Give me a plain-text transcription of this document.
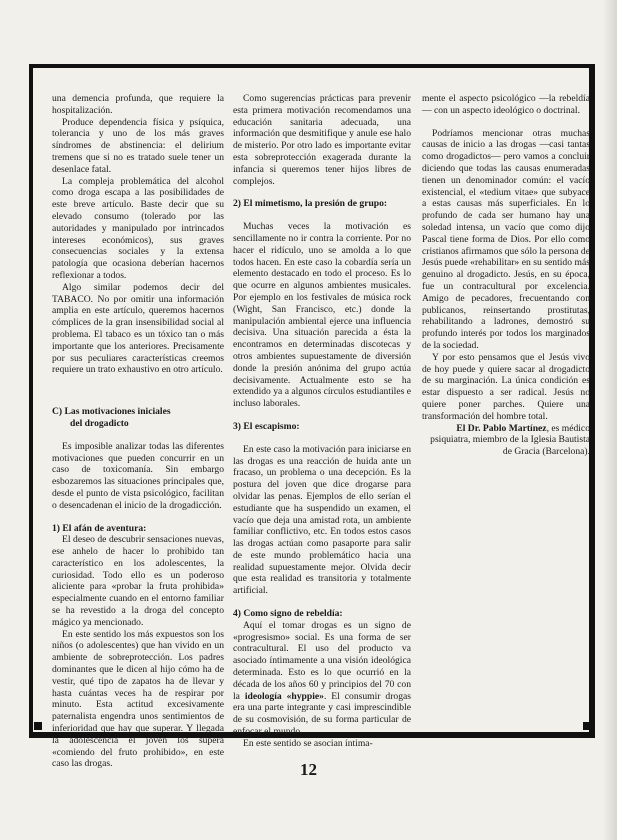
una demencia profunda, que requiere la hospitalización.

Produce dependencia física y psíquica, tolerancia y uno de los más graves síndromes de abstinencia: el delirium tremens que si no es tratado suele tener un desenlace fatal.

La compleja problemática del alcohol como droga escapa a las posibilidades de este breve artículo. Baste decir que su elevado consumo (tolerado por las autoridades y manipulado por intrincados intereses económicos), sus graves consecuencias sociales y la extensa patología que ocasiona deberían hacernos reflexionar a todos.

Algo similar podemos decir del TABACO. No por omitir una información amplia en este artículo, queremos hacernos cómplices de la gran insensibilidad social al problema. El tabaco es un tóxico tan o más importante que los anteriores. Precisamente por sus peculiares características creemos requiere un trato exhaustivo en otro artículo.

C) Las motivaciones iniciales
del drogadicto

Es imposible analizar todas las diferentes motivaciones que pueden concurrir en un caso de toxicomanía. Sin embargo esbozaremos las situaciones principales que, desde el punto de vista psicológico, facilitan o desencadenan el inicio de la drogadicción.

1) El afán de aventura:

El deseo de descubrir sensaciones nuevas, ese anhelo de hacer lo prohibido tan característico en los adolescentes, la curiosidad. Todo ello es un poderoso aliciente para «probar la fruta prohibida» especialmente cuando en el entorno familiar se ha revestido a la droga del concepto mágico ya mencionado.

En este sentido los más expuestos son los niños (o adolescentes) que han vivido en un ambiente de sobreprotección. Los padres dominantes que le dicen al hijo cómo ha de vestir, qué tipo de zapatos ha de llevar y hasta cuántas veces ha de respirar por minuto. Esta actitud excesivamente paternalista engendra unos sentimientos de inferioridad que hay que superar. Y llegada la adolescencia el joven los supera «comiendo del fruto prohibido», en este caso las drogas.

Como sugerencias prácticas para prevenir esta primera motivación recomendamos una educación sanitaria adecuada, una información que desmitifique y anule ese halo de misterio. Por otro lado es importante evitar esta sobreprotección exagerada durante la infancia si queremos tener hijos libres de complejos.

2) El mimetismo, la presión de grupo:

Muchas veces la motivación es sencillamente no ir contra la corriente. Por no hacer el ridículo, uno se amolda a lo que todos hacen. En este caso la cobardía sería un elemento destacado en todo el proceso. Es lo que ocurre en algunos ambientes musicales. Por ejemplo en los festivales de música rock (Wight, San Francisco, etc.) donde la manipulación ambiental ejerce una influencia decisiva. Una situación parecida a ésta la encontramos en determinadas discotecas y otros ambientes supuestamente de diversión donde la presión anónima del grupo actúa decisivamente. Actualmente esto se ha extendido ya a algunos círculos estudiantiles e incluso laborales.

3) El escapismo:

En este caso la motivación para iniciarse en las drogas es una reacción de huida ante un fracaso, un problema o una decepción. Es la postura del joven que dice drogarse para olvidar las penas. Ejemplos de ello serían el estudiante que ha suspendido un examen, el vacío que deja una amistad rota, un ambiente familiar conflictivo, etc. En todos estos casos las drogas actúan como pasaporte para salir de este mundo problemático hacia una realidad supuestamente mejor. Olvida decir que esta realidad es transitoria y totalmente artificial.

4) Como signo de rebeldía:

Aquí el tomar drogas es un signo de «progresismo» social. Es una forma de ser contracultural. El uso del producto va asociado íntimamente a una visión ideológica determinada. Esto es lo que ocurrió en la década de los años 60 y principios del 70 con la ideología «hyppie». El consumir drogas era una parte integrante y casi imprescindible de su cosmovisión, de su forma particular de enfocar el mundo.

En este sentido se asocian íntima-

mente el aspecto psicológico —la rebeldía— con un aspecto ideológico o doctrinal.

Podríamos mencionar otras muchas causas de inicio a las drogas —casi tantas como drogadictos— pero vamos a concluir diciendo que todas las causas enumeradas tienen un denominador común: el vacío existencial, el «tedium vitae» que subyace a estas causas más superficiales. En lo profundo de cada ser humano hay una soledad intensa, un vacío que como dijo Pascal tiene forma de Dios. Por ello como cristianos afirmamos que sólo la persona de Jesús puede «rehabilitar» en su sentido más genuino al drogadicto. Jesús, en su época, fue un contracultural por excelencia. Amigo de pecadores, frecuentando con publicanos, reinsertando prostitutas, rehabilitando a ladrones, demostró su profundo interés por todos los marginados de la sociedad.

Y por esto pensamos que el Jesús vivo de hoy puede y quiere sacar al drogadicto de su marginación. La única condición es estar dispuesto a ser radical. Jesús no quiere poner parches. Quiere una transformación del hombre total.

El Dr. Pablo Martínez, es médico psiquiatra, miembro de la Iglesia Bautista de Gracia (Barcelona).

12
